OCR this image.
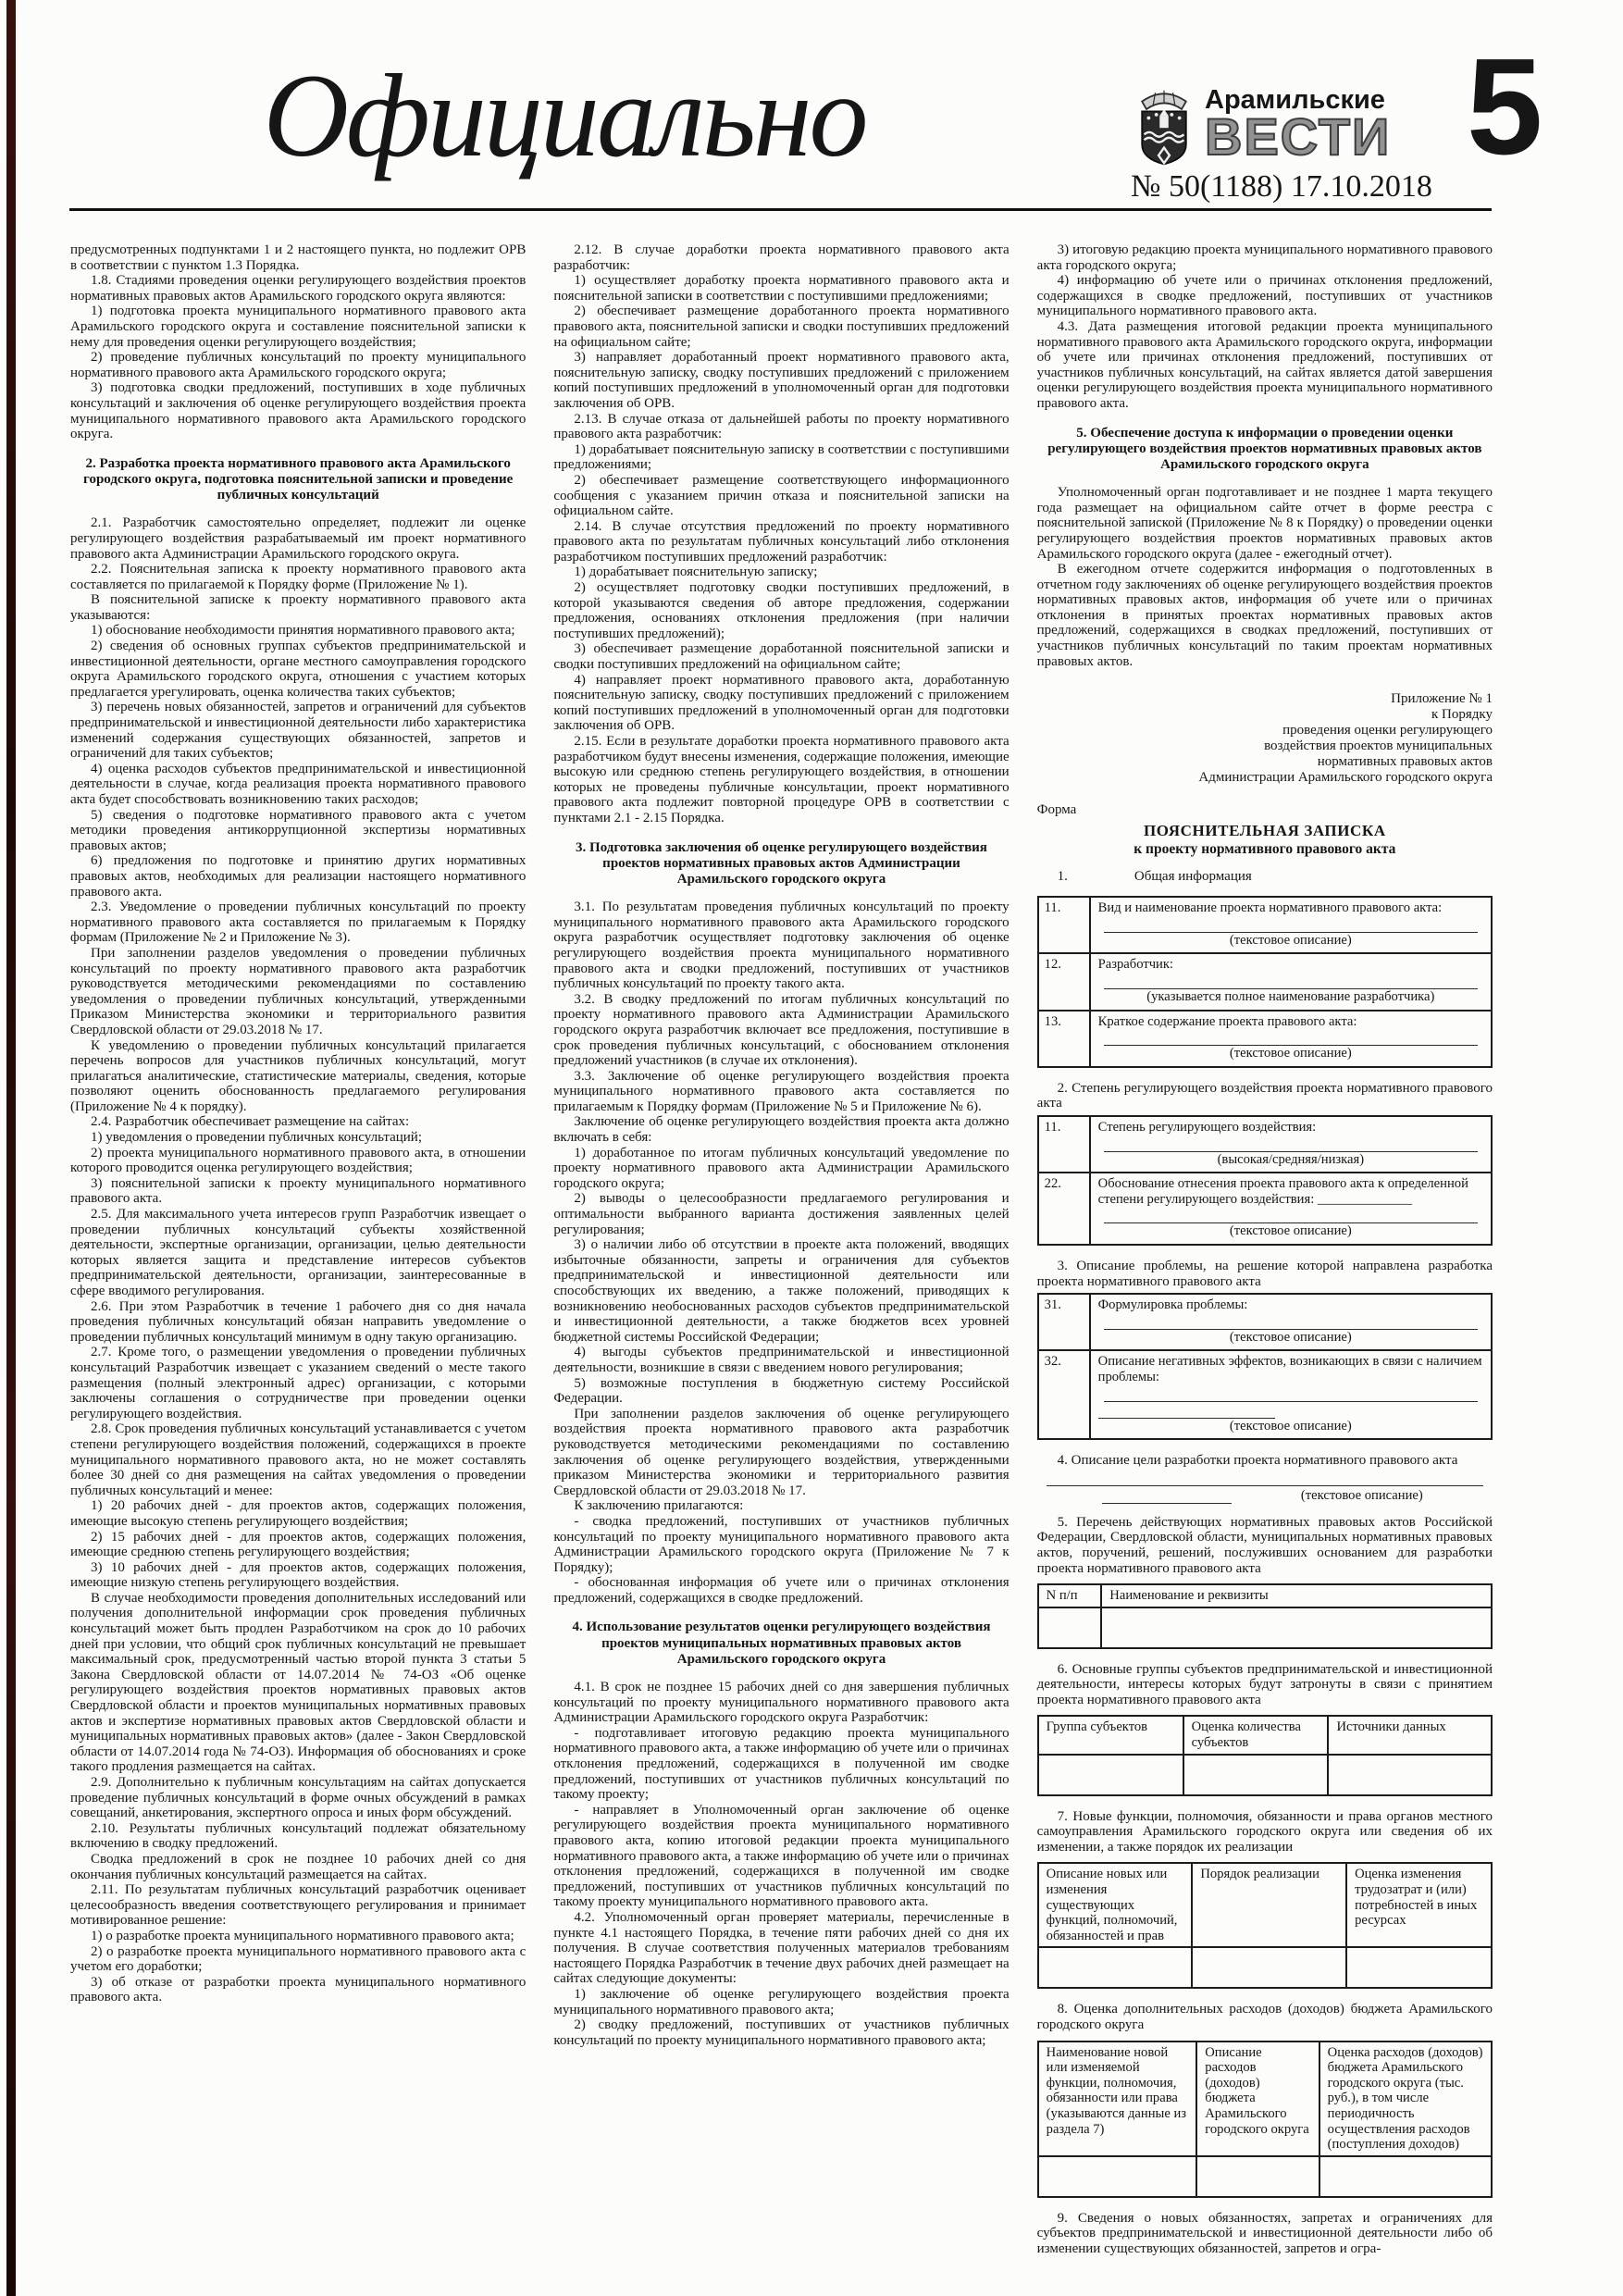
Официально	Арамильские
ВЕСТИ
№ 50(1188) 17.10.2018
5

предусмотренных подпунктами 1 и 2 настоящего пункта, но подлежит ОРВ в соответствии с пунктом 1.3 Порядка.

1.8. Стадиями проведения оценки регулирующего воздействия проектов нормативных правовых актов Арамильского городского округа являются:

1) подготовка проекта муниципального нормативного правового акта Арамильского городского округа и составление пояснительной записки к нему для проведения оценки регулирующего воздействия;

2) проведение публичных консультаций по проекту муниципального нормативного правового акта Арамильского городского округа;

3) подготовка сводки предложений, поступивших в ходе публичных консультаций и заключения об оценке регулирующего воздействия проекта муниципального нормативного правового акта Арамильского городского округа.

2. Разработка проекта нормативного правового акта Арамильского городского округа, подготовка пояснительной записки и проведение публичных консультаций

2.1. Разработчик самостоятельно определяет, подлежит ли оценке регулирующего воздействия разрабатываемый им проект нормативного правового акта Администрации Арамильского городского округа.

2.2. Пояснительная записка к проекту нормативного правового акта составляется по прилагаемой к Порядку форме (Приложение № 1).

В пояснительной записке к проекту нормативного правового акта указываются:

1) обоснование необходимости принятия нормативного правового акта;

2) сведения об основных группах субъектов предпринимательской и инвестиционной деятельности, органе местного самоуправления городского округа Арамильского городского округа, отношения с участием которых предлагается урегулировать, оценка количества таких субъектов;

3) перечень новых обязанностей, запретов и ограничений для субъектов предпринимательской и инвестиционной деятельности либо характеристика изменений содержания существующих обязанностей, запретов и ограничений для таких субъектов;

4) оценка расходов субъектов предпринимательской и инвестиционной деятельности в случае, когда реализация проекта нормативного правового акта будет способствовать возникновению таких расходов;

5) сведения о подготовке нормативного правового акта с учетом методики проведения антикоррупционной экспертизы нормативных правовых актов;

6) предложения по подготовке и принятию других нормативных правовых актов, необходимых для реализации настоящего нормативного правового акта.

2.3. Уведомление о проведении публичных консультаций по проекту нормативного правового акта составляется по прилагаемым к Порядку формам (Приложение № 2 и Приложение № 3).

При заполнении разделов уведомления о проведении публичных консультаций по проекту нормативного правового акта разработчик руководствуется методическими рекомендациями по составлению уведомления о проведении публичных консультаций, утвержденными Приказом Министерства экономики и территориального развития Свердловской области от 29.03.2018 № 17.

К уведомлению о проведении публичных консультаций прилагается перечень вопросов для участников публичных консультаций, могут прилагаться аналитические, статистические материалы, сведения, которые позволяют оценить обоснованность предлагаемого регулирования (Приложение № 4 к порядку).

2.4. Разработчик обеспечивает размещение на сайтах:

1) уведомления о проведении публичных консультаций;

2) проекта муниципального нормативного правового акта, в отношении которого проводится оценка регулирующего воздействия;

3) пояснительной записки к проекту муниципального нормативного правового акта.

2.5. Для максимального учета интересов групп Разработчик извещает о проведении публичных консультаций субъекты хозяйственной деятельности, экспертные организации, организации, целью деятельности которых является защита и представление интересов субъектов предпринимательской деятельности, организации, заинтересованные в сфере вводимого регулирования.

2.6. При этом Разработчик в течение 1 рабочего дня со дня начала проведения публичных консультаций обязан направить уведомление о проведении публичных консультаций минимум в одну такую организацию.

2.7. Кроме того, о размещении уведомления о проведении публичных консультаций Разработчик извещает с указанием сведений о месте такого размещения (полный электронный адрес) организации, с которыми заключены соглашения о сотрудничестве при проведении оценки регулирующего воздействия.

2.8. Срок проведения публичных консультаций устанавливается с учетом степени регулирующего воздействия положений, содержащихся в проекте муниципального нормативного правового акта, но не может составлять более 30 дней со дня размещения на сайтах уведомления о проведении публичных консультаций и менее:

1) 20 рабочих дней - для проектов актов, содержащих положения, имеющие высокую степень регулирующего воздействия;

2) 15 рабочих дней - для проектов актов, содержащих положения, имеющие среднюю степень регулирующего воздействия;

3) 10 рабочих дней - для проектов актов, содержащих положения, имеющие низкую степень регулирующего воздействия.

В случае необходимости проведения дополнительных исследований или получения дополнительной информации срок проведения публичных консультаций может быть продлен Разработчиком на срок до 10 рабочих дней при условии, что общий срок публичных консультаций не превышает максимальный срок, предусмотренный частью второй пункта 3 статьи 5 Закона Свердловской области от 14.07.2014 № 74-ОЗ «Об оценке регулирующего воздействия проектов нормативных правовых актов Свердловской области и проектов муниципальных нормативных правовых актов и экспертизе нормативных правовых актов Свердловской области и муниципальных нормативных правовых актов» (далее - Закон Свердловской области от 14.07.2014 года № 74-ОЗ). Информация об обоснованиях и сроке такого продления размещается на сайтах.

2.9. Дополнительно к публичным консультациям на сайтах допускается проведение публичных консультаций в форме очных обсуждений в рамках совещаний, анкетирования, экспертного опроса и иных форм обсуждений.

2.10. Результаты публичных консультаций подлежат обязательному включению в сводку предложений.

Сводка предложений в срок не позднее 10 рабочих дней со дня окончания публичных консультаций размещается на сайтах.

2.11. По результатам публичных консультаций разработчик оценивает целесообразность введения соответствующего регулирования и принимает мотивированное решение:

1) о разработке проекта муниципального нормативного правового акта;

2) о разработке проекта муниципального нормативного правового акта с учетом его доработки;

3) об отказе от разработки проекта муниципального нормативного правового акта.

2.12. В случае доработки проекта нормативного правового акта разработчик:

1) осуществляет доработку проекта нормативного правового акта и пояснительной записки в соответствии с поступившими предложениями;

2) обеспечивает размещение доработанного проекта нормативного правового акта, пояснительной записки и сводки поступивших предложений на официальном сайте;

3) направляет доработанный проект нормативного правового акта, пояснительную записку, сводку поступивших предложений с приложением копий поступивших предложений в уполномоченный орган для подготовки заключения об ОРВ.

2.13. В случае отказа от дальнейшей работы по проекту нормативного правового акта разработчик:

1) дорабатывает пояснительную записку в соответствии с поступившими предложениями;

2) обеспечивает размещение соответствующего информационного сообщения с указанием причин отказа и пояснительной записки на официальном сайте.

2.14. В случае отсутствия предложений по проекту нормативного правового акта по результатам публичных консультаций либо отклонения разработчиком поступивших предложений разработчик:

1) дорабатывает пояснительную записку;

2) осуществляет подготовку сводки поступивших предложений, в которой указываются сведения об авторе предложения, содержании предложения, основаниях отклонения предложения (при наличии поступивших предложений);

3) обеспечивает размещение доработанной пояснительной записки и сводки поступивших предложений на официальном сайте;

4) направляет проект нормативного правового акта, доработанную пояснительную записку, сводку поступивших предложений с приложением копий поступивших предложений в уполномоченный орган для подготовки заключения об ОРВ.

2.15. Если в результате доработки проекта нормативного правового акта разработчиком будут внесены изменения, содержащие положения, имеющие высокую или среднюю степень регулирующего воздействия, в отношении которых не проведены публичные консультации, проект нормативного правового акта подлежит повторной процедуре ОРВ в соответствии с пунктами 2.1 - 2.15 Порядка.

3. Подготовка заключения об оценке регулирующего воздействия проектов нормативных правовых актов Администрации Арамильского городского округа

3.1. По результатам проведения публичных консультаций по проекту муниципального нормативного правового акта Арамильского городского округа разработчик осуществляет подготовку заключения об оценке регулирующего воздействия проекта муниципального нормативного правового акта и сводки предложений, поступивших от участников публичных консультаций по проекту такого акта.

3.2. В сводку предложений по итогам публичных консультаций по проекту нормативного правового акта Администрации Арамильского городского округа разработчик включает все предложения, поступившие в срок проведения публичных консультаций, с обоснованием отклонения предложений участников (в случае их отклонения).

3.3. Заключение об оценке регулирующего воздействия проекта муниципального нормативного правового акта составляется по прилагаемым к Порядку формам (Приложение № 5 и Приложение № 6).

Заключение об оценке регулирующего воздействия проекта акта должно включать в себя:

1) доработанное по итогам публичных консультаций уведомление по проекту нормативного правового акта Администрации Арамильского городского округа;

2) выводы о целесообразности предлагаемого регулирования и оптимальности выбранного варианта достижения заявленных целей регулирования;

3) о наличии либо об отсутствии в проекте акта положений, вводящих избыточные обязанности, запреты и ограничения для субъектов предпринимательской и инвестиционной деятельности или способствующих их введению, а также положений, приводящих к возникновению необоснованных расходов субъектов предпринимательской и инвестиционной деятельности, а также бюджетов всех уровней бюджетной системы Российской Федерации;

4) выгоды субъектов предпринимательской и инвестиционной деятельности, возникшие в связи с введением нового регулирования;

5) возможные поступления в бюджетную систему Российской Федерации.

При заполнении разделов заключения об оценке регулирующего воздействия проекта нормативного правового акта разработчик руководствуется методическими рекомендациями по составлению заключения об оценке регулирующего воздействия, утвержденными приказом Министерства экономики и территориального развития Свердловской области от 29.03.2018 № 17.

К заключению прилагаются:

- сводка предложений, поступивших от участников публичных консультаций по проекту муниципального нормативного правового акта Администрации Арамильского городского округа (Приложение № 7 к Порядку);

- обоснованная информация об учете или о причинах отклонения предложений, содержащихся в сводке предложений.

4. Использование результатов оценки регулирующего воздействия проектов муниципальных нормативных правовых актов Арамильского городского округа

4.1. В срок не позднее 15 рабочих дней со дня завершения публичных консультаций по проекту муниципального нормативного правового акта Администрации Арамильского городского округа Разработчик:

- подготавливает итоговую редакцию проекта муниципального нормативного правового акта, а также информацию об учете или о причинах отклонения предложений, содержащихся в полученной им сводке предложений, поступивших от участников публичных консультаций по такому проекту;

- направляет в Уполномоченный орган заключение об оценке регулирующего воздействия проекта муниципального нормативного правового акта, копию итоговой редакции проекта муниципального нормативного правового акта, а также информацию об учете или о причинах отклонения предложений, содержащихся в полученной им сводке предложений, поступивших от участников публичных консультаций по такому проекту муниципального нормативного правового акта.

4.2. Уполномоченный орган проверяет материалы, перечисленные в пункте 4.1 настоящего Порядка, в течение пяти рабочих дней со дня их получения. В случае соответствия полученных материалов требованиям настоящего Порядка Разработчик в течение двух рабочих дней размещает на сайтах следующие документы:

1) заключение об оценке регулирующего воздействия проекта муниципального нормативного правового акта;

2) сводку предложений, поступивших от участников публичных консультаций по проекту муниципального нормативного правового акта;

3) итоговую редакцию проекта муниципального нормативного правового акта городского округа;

4) информацию об учете или о причинах отклонения предложений, содержащихся в сводке предложений, поступивших от участников муниципального нормативного правового акта.

4.3. Дата размещения итоговой редакции проекта муниципального нормативного правового акта Арамильского городского округа, информации об учете или причинах отклонения предложений, поступивших от участников публичных консультаций, на сайтах является датой завершения оценки регулирующего воздействия проекта муниципального нормативного правового акта.

5. Обеспечение доступа к информации о проведении оценки регулирующего воздействия проектов нормативных правовых актов Арамильского городского округа

Уполномоченный орган подготавливает и не позднее 1 марта текущего года размещает на официальном сайте отчет в форме реестра с пояснительной запиской (Приложение № 8 к Порядку) о проведении оценки регулирующего воздействия проектов нормативных правовых актов Арамильского городского округа (далее - ежегодный отчет).

В ежегодном отчете содержится информация о подготовленных в отчетном году заключениях об оценке регулирующего воздействия проектов нормативных правовых актов, информация об учете или о причинах отклонения в принятых проектах нормативных правовых актов предложений, содержащихся в сводках предложений, поступивших от участников публичных консультаций по таким проектам нормативных правовых актов.

Приложение № 1
к Порядку
проведения оценки регулирующего
воздействия проектов муниципальных
нормативных правовых актов
Администрации Арамильского городского округа

Форма

ПОЯСНИТЕЛЬНАЯ ЗАПИСКА
к проекту нормативного правового акта

1.	Общая информация

11.	Вид и наименование проекта нормативного правового акта:
(текстовое описание)

12.	Разработчик:
(указывается полное наименование разработчика)

13.	Краткое содержание проекта правового акта:
(текстовое описание)

2. Степень регулирующего воздействия проекта нормативного правового акта

11.	Степень регулирующего воздействия:
(высокая/средняя/низкая)

22.	Обоснование отнесения проекта правового акта к определенной степени регулирующего воздействия: ______________
(текстовое описание)

3. Описание проблемы, на решение которой направлена разработка проекта нормативного правового акта

31.	Формулировка проблемы:
(текстовое описание)

32.	Описание негативных эффектов, возникающих в связи с наличием проблемы:
(текстовое описание)

4. Описание цели разработки проекта нормативного правового акта

(текстовое описание)

5. Перечень действующих нормативных правовых актов Российской Федерации, Свердловской области, муниципальных нормативных правовых актов, поручений, решений, послуживших основанием для разработки проекта нормативного правового акта

N п/п	Наименование и реквизиты

6. Основные группы субъектов предпринимательской и инвестиционной деятельности, интересы которых будут затронуты в связи с принятием проекта нормативного правового акта

Группа субъектов	Оценка количества субъектов	Источники данных

7. Новые функции, полномочия, обязанности и права органов местного самоуправления Арамильского городского округа или сведения об их изменении, а также порядок их реализации

Описание новых или изменения существующих функций, полномочий, обязанностей и прав	Порядок реализации	Оценка изменения трудозатрат и (или) потребностей в иных ресурсах

8. Оценка дополнительных расходов (доходов) бюджета Арамильского городского округа

Наименование новой или изменяемой функции, полномочия, обязанности или права (указываются данные из раздела 7)	Описание расходов (доходов) бюджета Арамильского городского округа	Оценка расходов (доходов) бюджета Арамильского городского округа (тыс. руб.), в том числе периодичность осуществления расходов (поступления доходов)

9. Сведения о новых обязанностях, запретах и ограничениях для субъектов предпринимательской и инвестиционной деятельности либо об изменении существующих обязанностей, запретов и огра-
